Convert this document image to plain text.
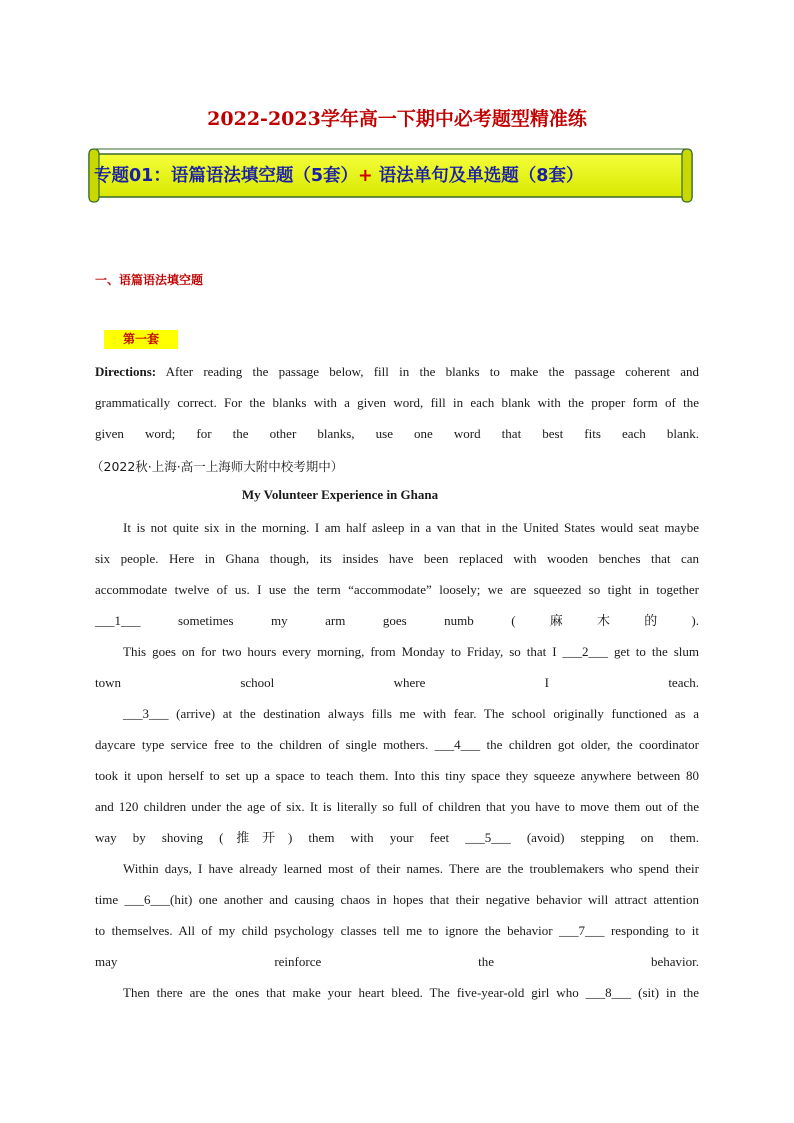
2022-2023学年高一下期中必考题型精准练
专题01：语篇语法填空题（5套）+ 语法单句及单选题（8套）
一、语篇语法填空题
第一套
Directions: After reading the passage below, fill in the blanks to make the passage coherent and
grammatically correct. For the blanks with a given word, fill in each blank with the proper form of the
given word; for the other blanks, use one word that best fits each blank.
（2022秋·上海·高一上海师大附中校考期中）
My Volunteer Experience in Ghana
It is not quite six in the morning. I am half asleep in a van that in the United States would seat maybe
six people. Here in Ghana though, its insides have been replaced with wooden benches that can
accommodate twelve of us. I use the term “accommodate” loosely; we are squeezed so tight in together
___1___ sometimes my arm goes numb (麻木的).
This goes on for two hours every morning, from Monday to Friday, so that I ___2___ get to the slum
town school where I teach.
___3___ (arrive) at the destination always fills me with fear. The school originally functioned as a
daycare type service free to the children of single mothers. ___4___ the children got older, the coordinator
took it upon herself to set up a space to teach them. Into this tiny space they squeeze anywhere between 80
and 120 children under the age of six. It is literally so full of children that you have to move them out of the
way by shoving (推开) them with your feet ___5___ (avoid) stepping on them.
Within days, I have already learned most of their names. There are the troublemakers who spend their
time ___6___(hit) one another and causing chaos in hopes that their negative behavior will attract attention
to themselves. All of my child psychology classes tell me to ignore the behavior ___7___ responding to it
may reinforce the behavior.
Then there are the ones that make your heart bleed. The five-year-old girl who ___8___ (sit) in the
